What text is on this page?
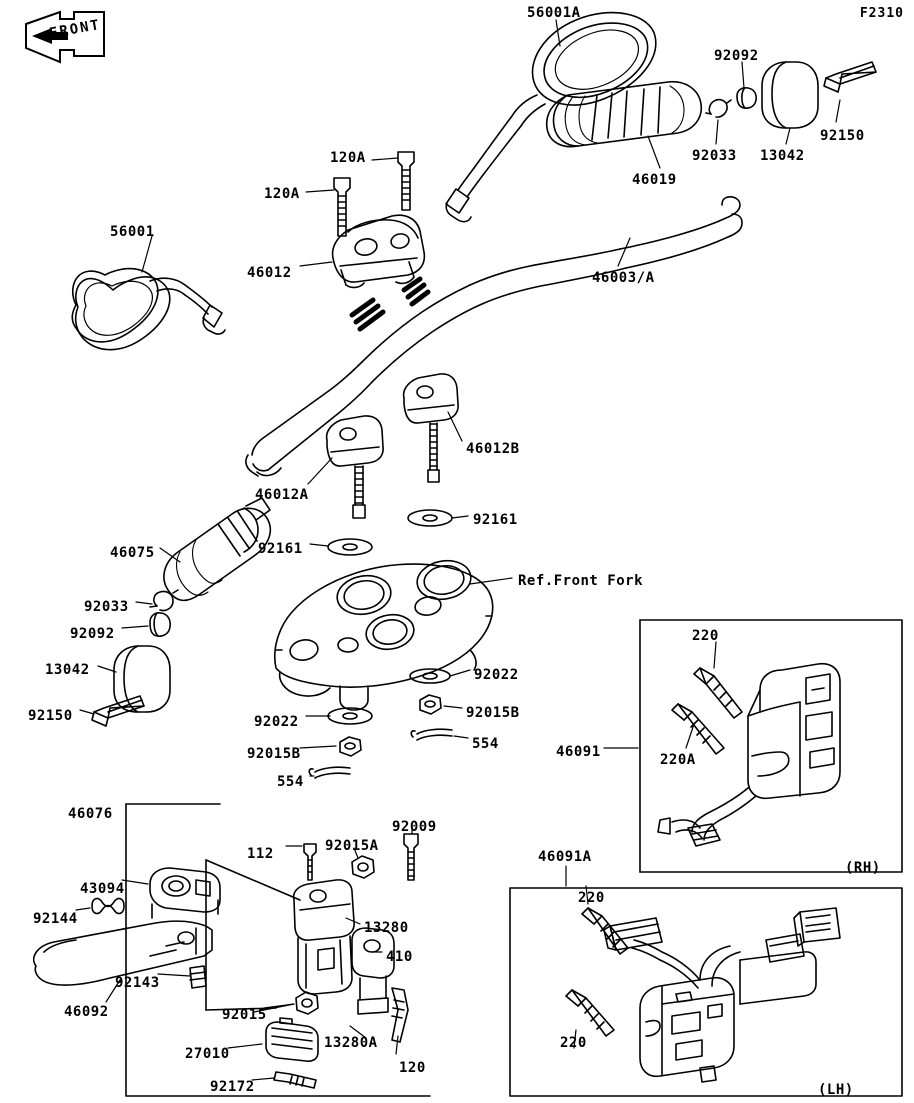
F2310
FRONT
56001A
92092
92150
13042
92033
46019
120A
120A
56001
46012	46003/A
46012B
46012A
92161
46075	92161
92033
92092
13042
92150
Ref.Front Fork
92022
92015B
92022
554
92015B
554
220
220A
46091
(RH)
46091A
220
220
(LH)
46076
112	92015A
92009
43094
92144
13280
410
92143
46092	92015
13280A
27010
120
92172
